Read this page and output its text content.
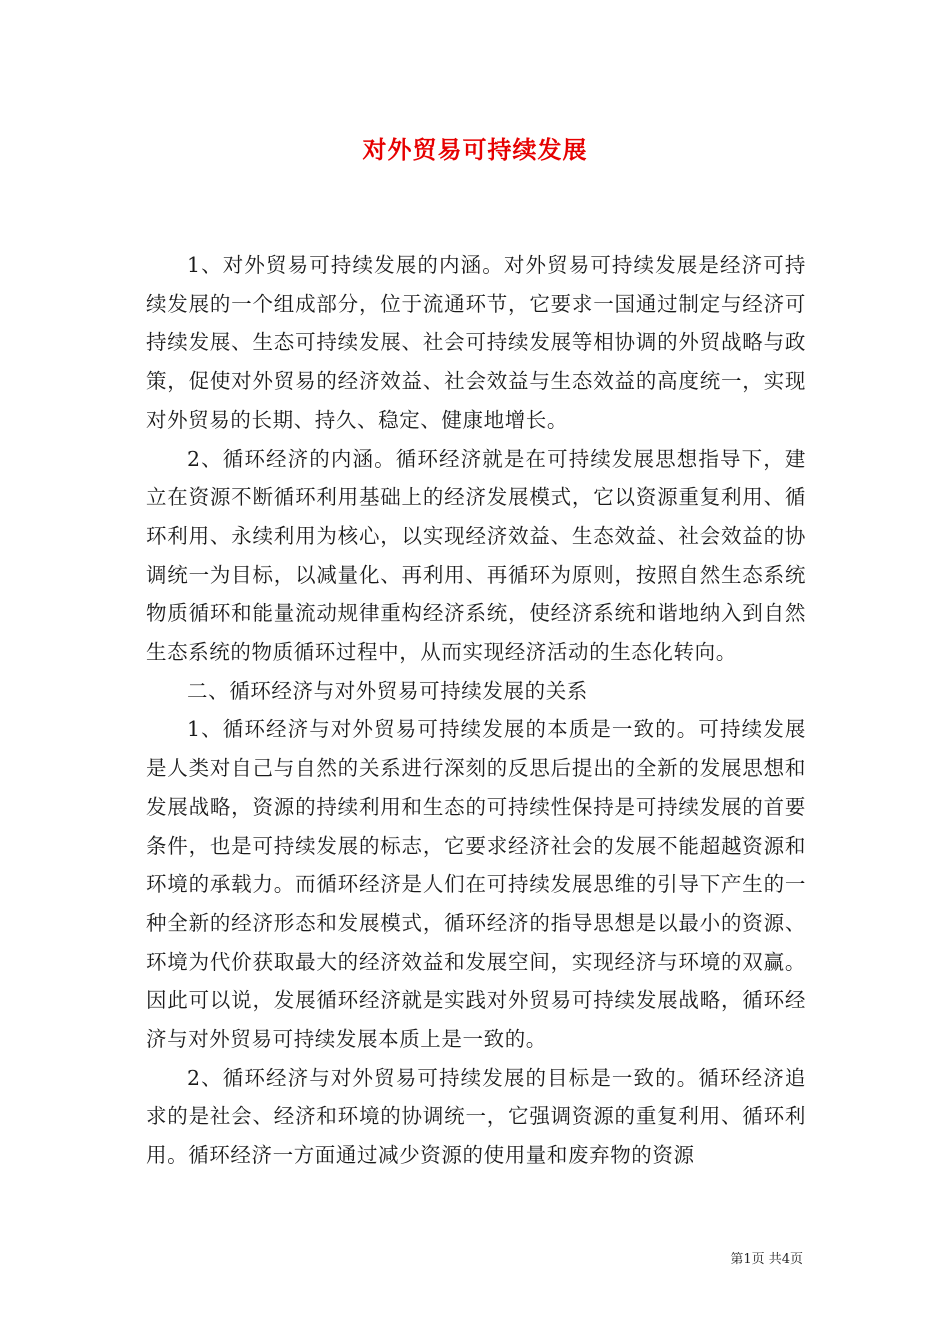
对外贸易可持续发展

1、对外贸易可持续发展的内涵。对外贸易可持续发展是经济可持续发展的一个组成部分，位于流通环节，它要求一国通过制定与经济可持续发展、生态可持续发展、社会可持续发展等相协调的外贸战略与政策，促使对外贸易的经济效益、社会效益与生态效益的高度统一，实现对外贸易的长期、持久、稳定、健康地增长。

2、循环经济的内涵。循环经济就是在可持续发展思想指导下，建立在资源不断循环利用基础上的经济发展模式，它以资源重复利用、循环利用、永续利用为核心，以实现经济效益、生态效益、社会效益的协调统一为目标，以减量化、再利用、再循环为原则，按照自然生态系统物质循环和能量流动规律重构经济系统，使经济系统和谐地纳入到自然生态系统的物质循环过程中，从而实现经济活动的生态化转向。

二、循环经济与对外贸易可持续发展的关系

1、循环经济与对外贸易可持续发展的本质是一致的。可持续发展是人类对自己与自然的关系进行深刻的反思后提出的全新的发展思想和发展战略，资源的持续利用和生态的可持续性保持是可持续发展的首要条件，也是可持续发展的标志，它要求经济社会的发展不能超越资源和环境的承载力。而循环经济是人们在可持续发展思维的引导下产生的一种全新的经济形态和发展模式，循环经济的指导思想是以最小的资源、环境为代价获取最大的经济效益和发展空间，实现经济与环境的双赢。因此可以说，发展循环经济就是实践对外贸易可持续发展战略，循环经济与对外贸易可持续发展本质上是一致的。

2、循环经济与对外贸易可持续发展的目标是一致的。循环经济追求的是社会、经济和环境的协调统一，它强调资源的重复利用、循环利用。循环经济一方面通过减少资源的使用量和废弃物的资源

第1页 共4页
